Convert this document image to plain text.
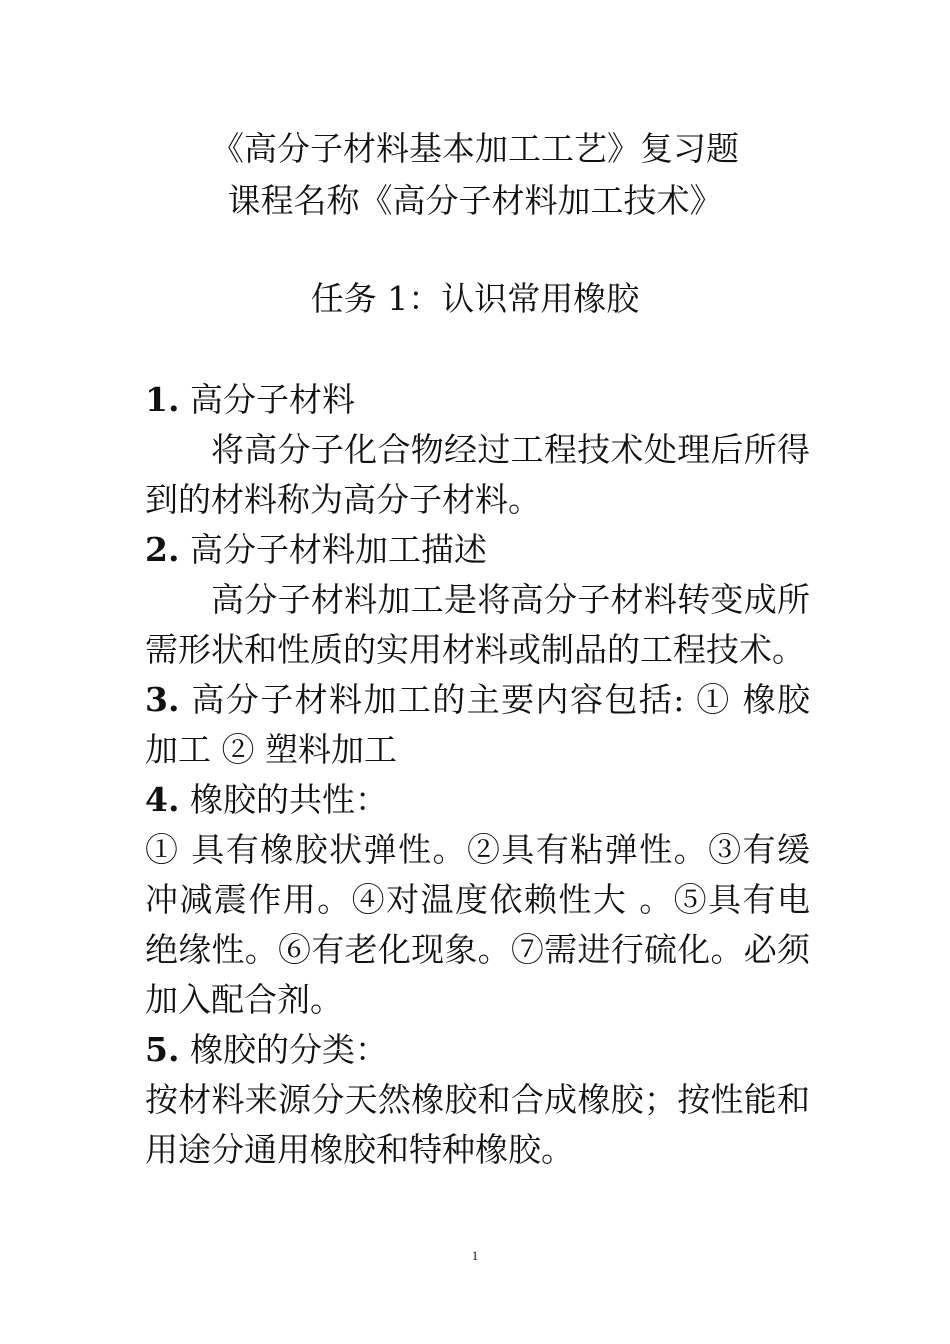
《高分子材料基本加工工艺》复习题
课程名称《高分子材料加工技术》
任务 1：认识常用橡胶

1. 高分子材料

将高分子化合物经过工程技术处理后所得到的材料称为高分子材料。

2. 高分子材料加工描述

高分子材料加工是将高分子材料转变成所需形状和性质的实用材料或制品的工程技术。

3. 高分子材料加工的主要内容包括: ① 橡胶加工 ② 塑料加工

4. 橡胶的共性：

① 具有橡胶状弹性。②具有粘弹性。③有缓冲减震作用。④对温度依赖性大 。⑤具有电绝缘性。⑥有老化现象。⑦需进行硫化。必须加入配合剂。

5. 橡胶的分类：

按材料来源分天然橡胶和合成橡胶；按性能和用途分通用橡胶和特种橡胶。

1
